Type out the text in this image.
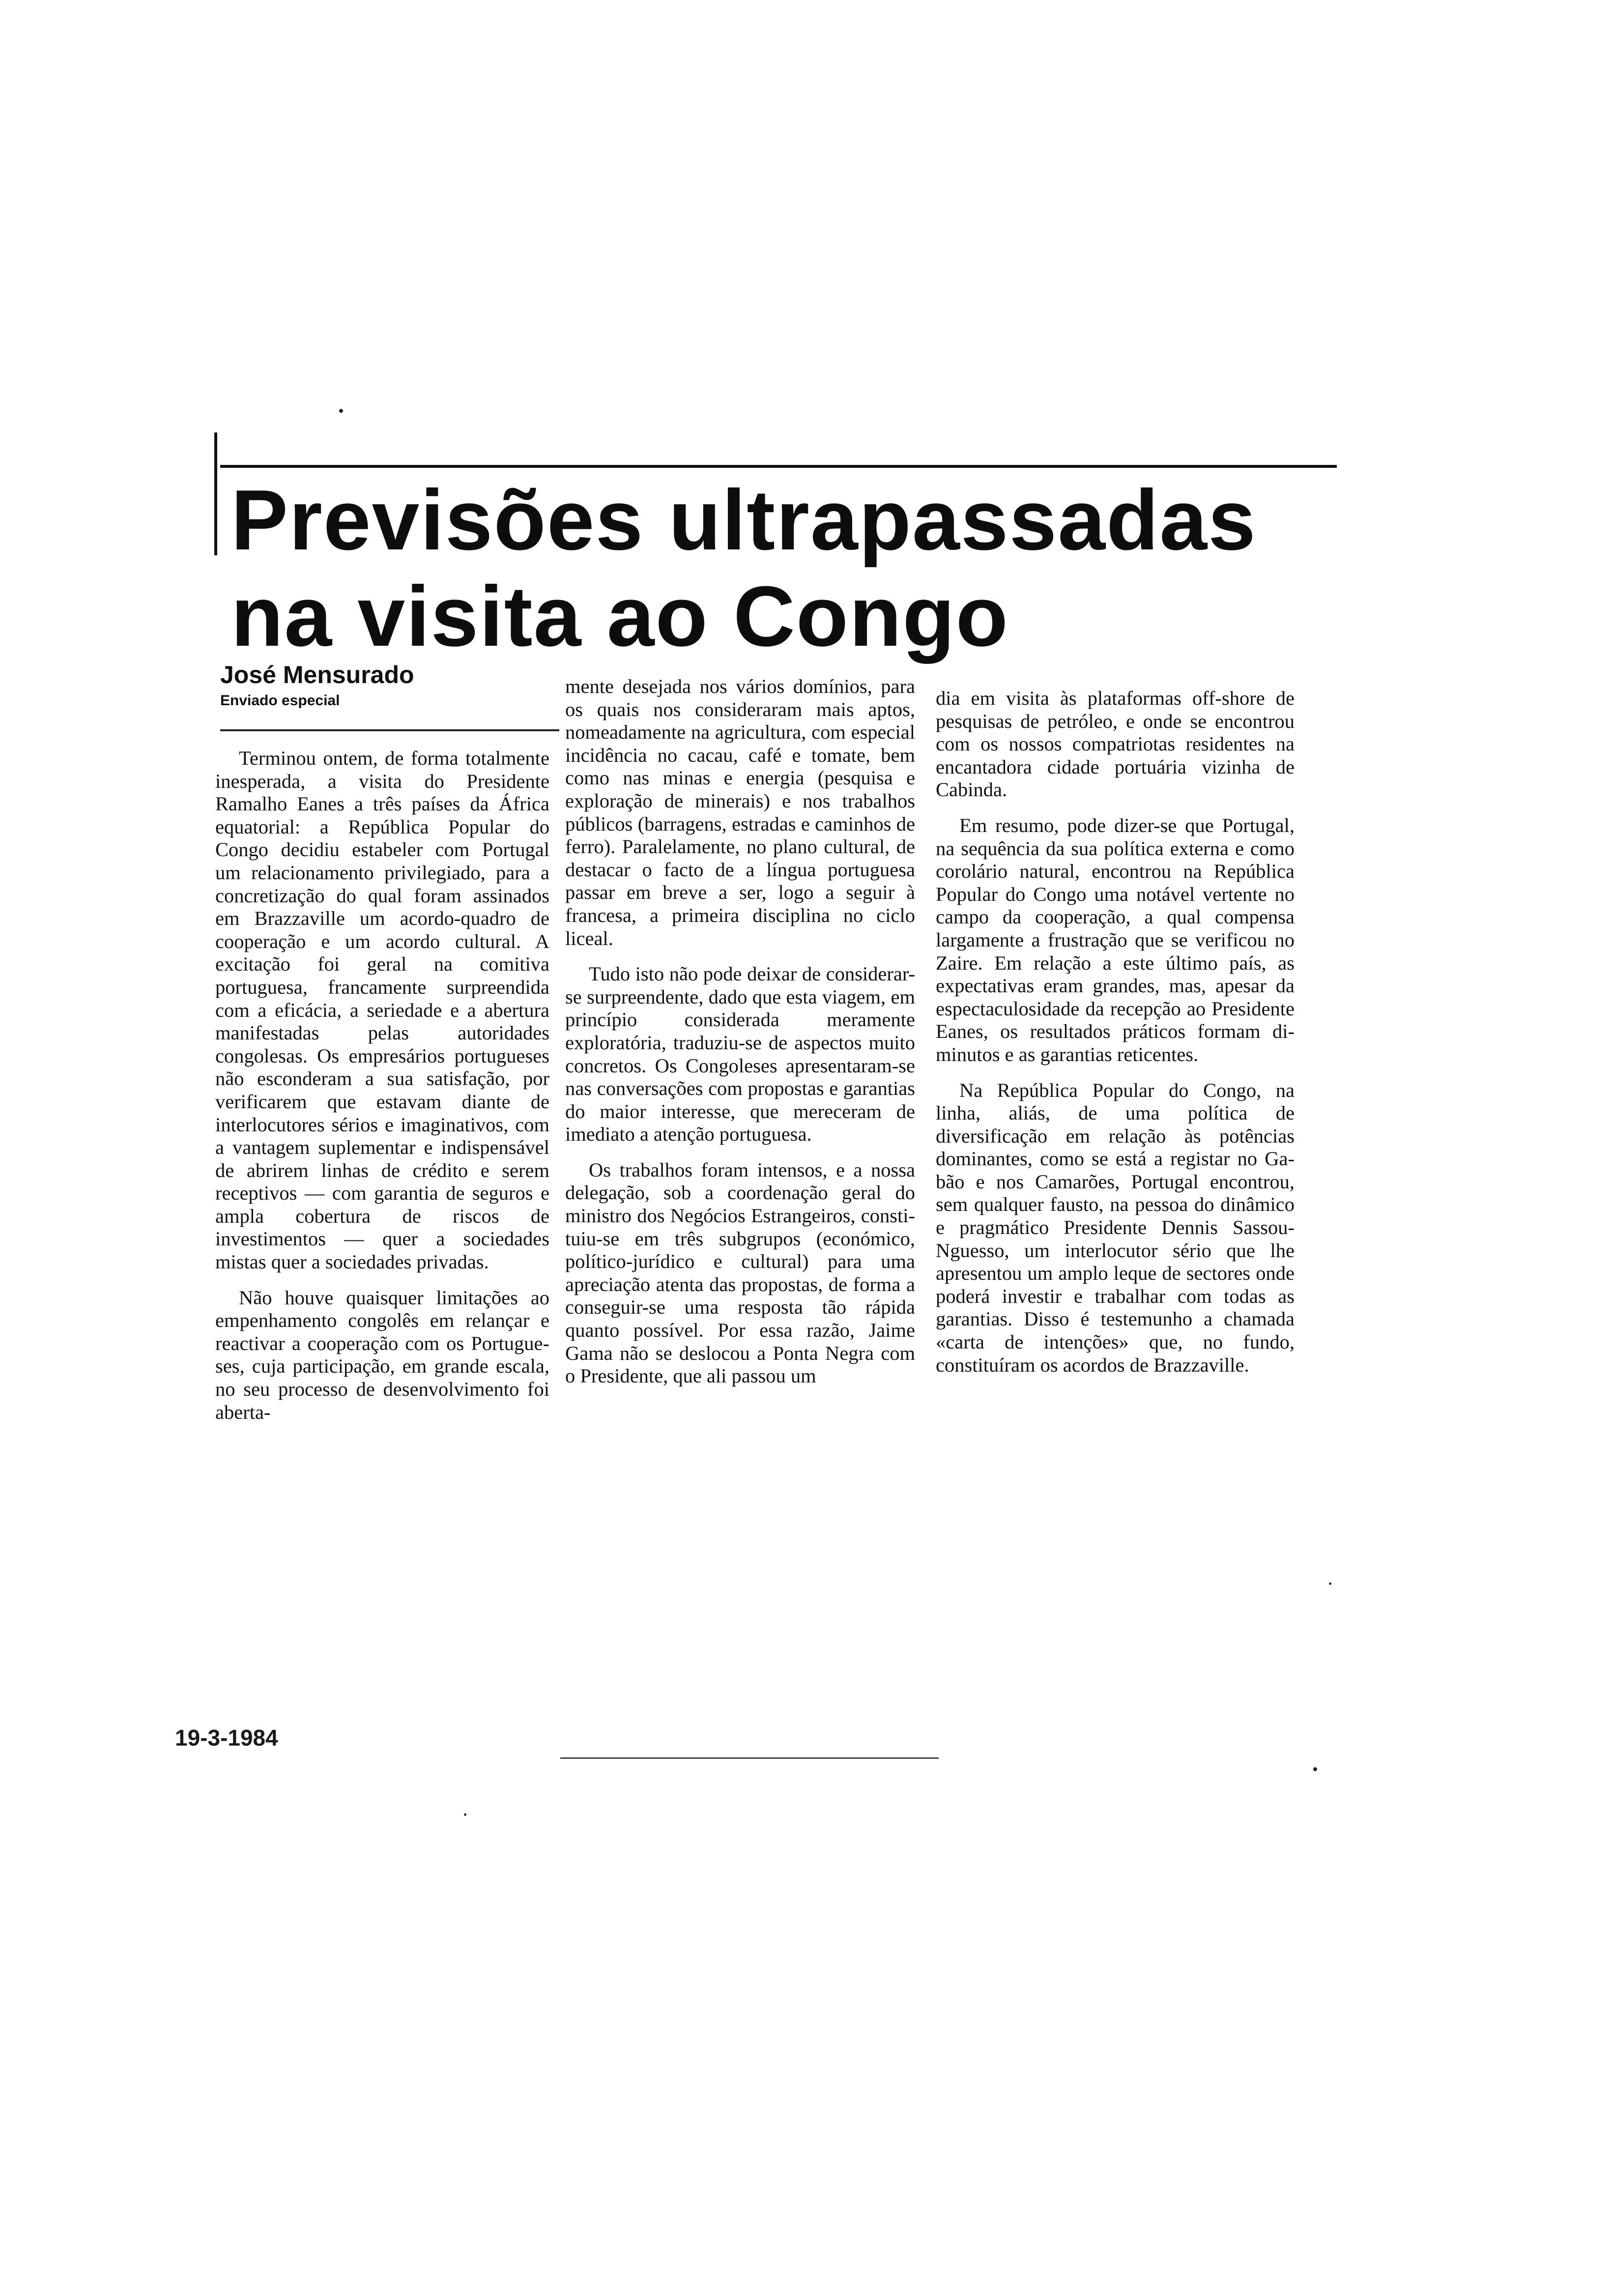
Previsões ultrapassadas
na visita ao Congo
José Mensurado
Enviado especial

Terminou ontem, de forma totalmente inesperada, a visita do Presidente Ramalho Eanes a três países da África equatorial: a República Popular do Congo decidiu estabeler com Portugal um relacionamento privilegiado, para a concretização do qual foram assinados em Brazzaville um acordo-quadro de cooperação e um acordo cultural. A excitação foi geral na comitiva portuguesa, francamente surpreendida com a eficácia, a seriedade e a abertura manifestadas pelas autoridades congolesas. Os empresários portugueses não esconderam a sua satisfação, por verificarem que estavam diante de interlocutores sérios e imaginativos, com a vantagem suplementar e indispensável de abrirem linhas de crédito e serem receptivos — com garantia de seguros e ampla cobertura de riscos de investimentos — quer a sociedades mistas quer a sociedades privadas.

Não houve quaisquer limitações ao empenhamento congolês em relançar e reactivar a cooperação com os Portugueses, cuja participação, em grande escala, no seu processo de desenvolvimento foi aberta-

mente desejada nos vários domínios, para os quais nos consideraram mais aptos, nomeadamente na agricultura, com especial incidência no cacau, café e tomate, bem como nas minas e energia (pesquisa e exploração de minerais) e nos trabalhos públicos (barragens, estradas e caminhos de ferro). Paralelamente, no plano cultural, de destacar o facto de a língua portuguesa passar em breve a ser, logo a seguir à francesa, a primeira disciplina no ciclo liceal.

Tudo isto não pode deixar de considerar-se surpreendente, dado que esta viagem, em princípio considerada meramente exploratória, traduziu-se de aspectos muito concretos. Os Congoleses apresentaram-se nas conversações com propostas e garantias do maior interesse, que mereceram de imediato a atenção portuguesa.

Os trabalhos foram intensos, e a nossa delegação, sob a coordenação geral do ministro dos Negócios Estrangeiros, constituiu-se em três subgrupos (económico, político-jurídico e cultural) para uma apreciação atenta das propostas, de forma a conseguir-se uma resposta tão rápida quanto possível. Por essa razão, Jaime Gama não se deslocou a Ponta Negra com o Presidente, que ali passou um

dia em visita às plataformas off-shore de pesquisas de petróleo, e onde se encontrou com os nossos compatriotas residentes na encantadora cidade portuária vizinha de Cabinda.

Em resumo, pode dizer-se que Portugal, na sequência da sua política externa e como corolário natural, encontrou na República Popular do Congo uma notável vertente no campo da cooperação, a qual compensa largamente a frustração que se verificou no Zaire. Em relação a este último país, as expectativas eram grandes, mas, apesar da espectaculosidade da recepção ao Presidente Eanes, os resultados práticos formam diminutos e as garantias reticentes.

Na República Popular do Congo, na linha, aliás, de uma política de diversificação em relação às potências dominantes, como se está a registar no Gabão e nos Camarões, Portugal encontrou, sem qualquer fausto, na pessoa do dinâmico e pragmático Presidente Dennis Sassou-Nguesso, um interlocutor sério que lhe apresentou um amplo leque de sectores onde poderá investir e trabalhar com todas as garantias. Disso é testemunho a chamada «carta de intenções» que, no fundo, constituíram os acordos de Brazzaville.

19-3-1984
